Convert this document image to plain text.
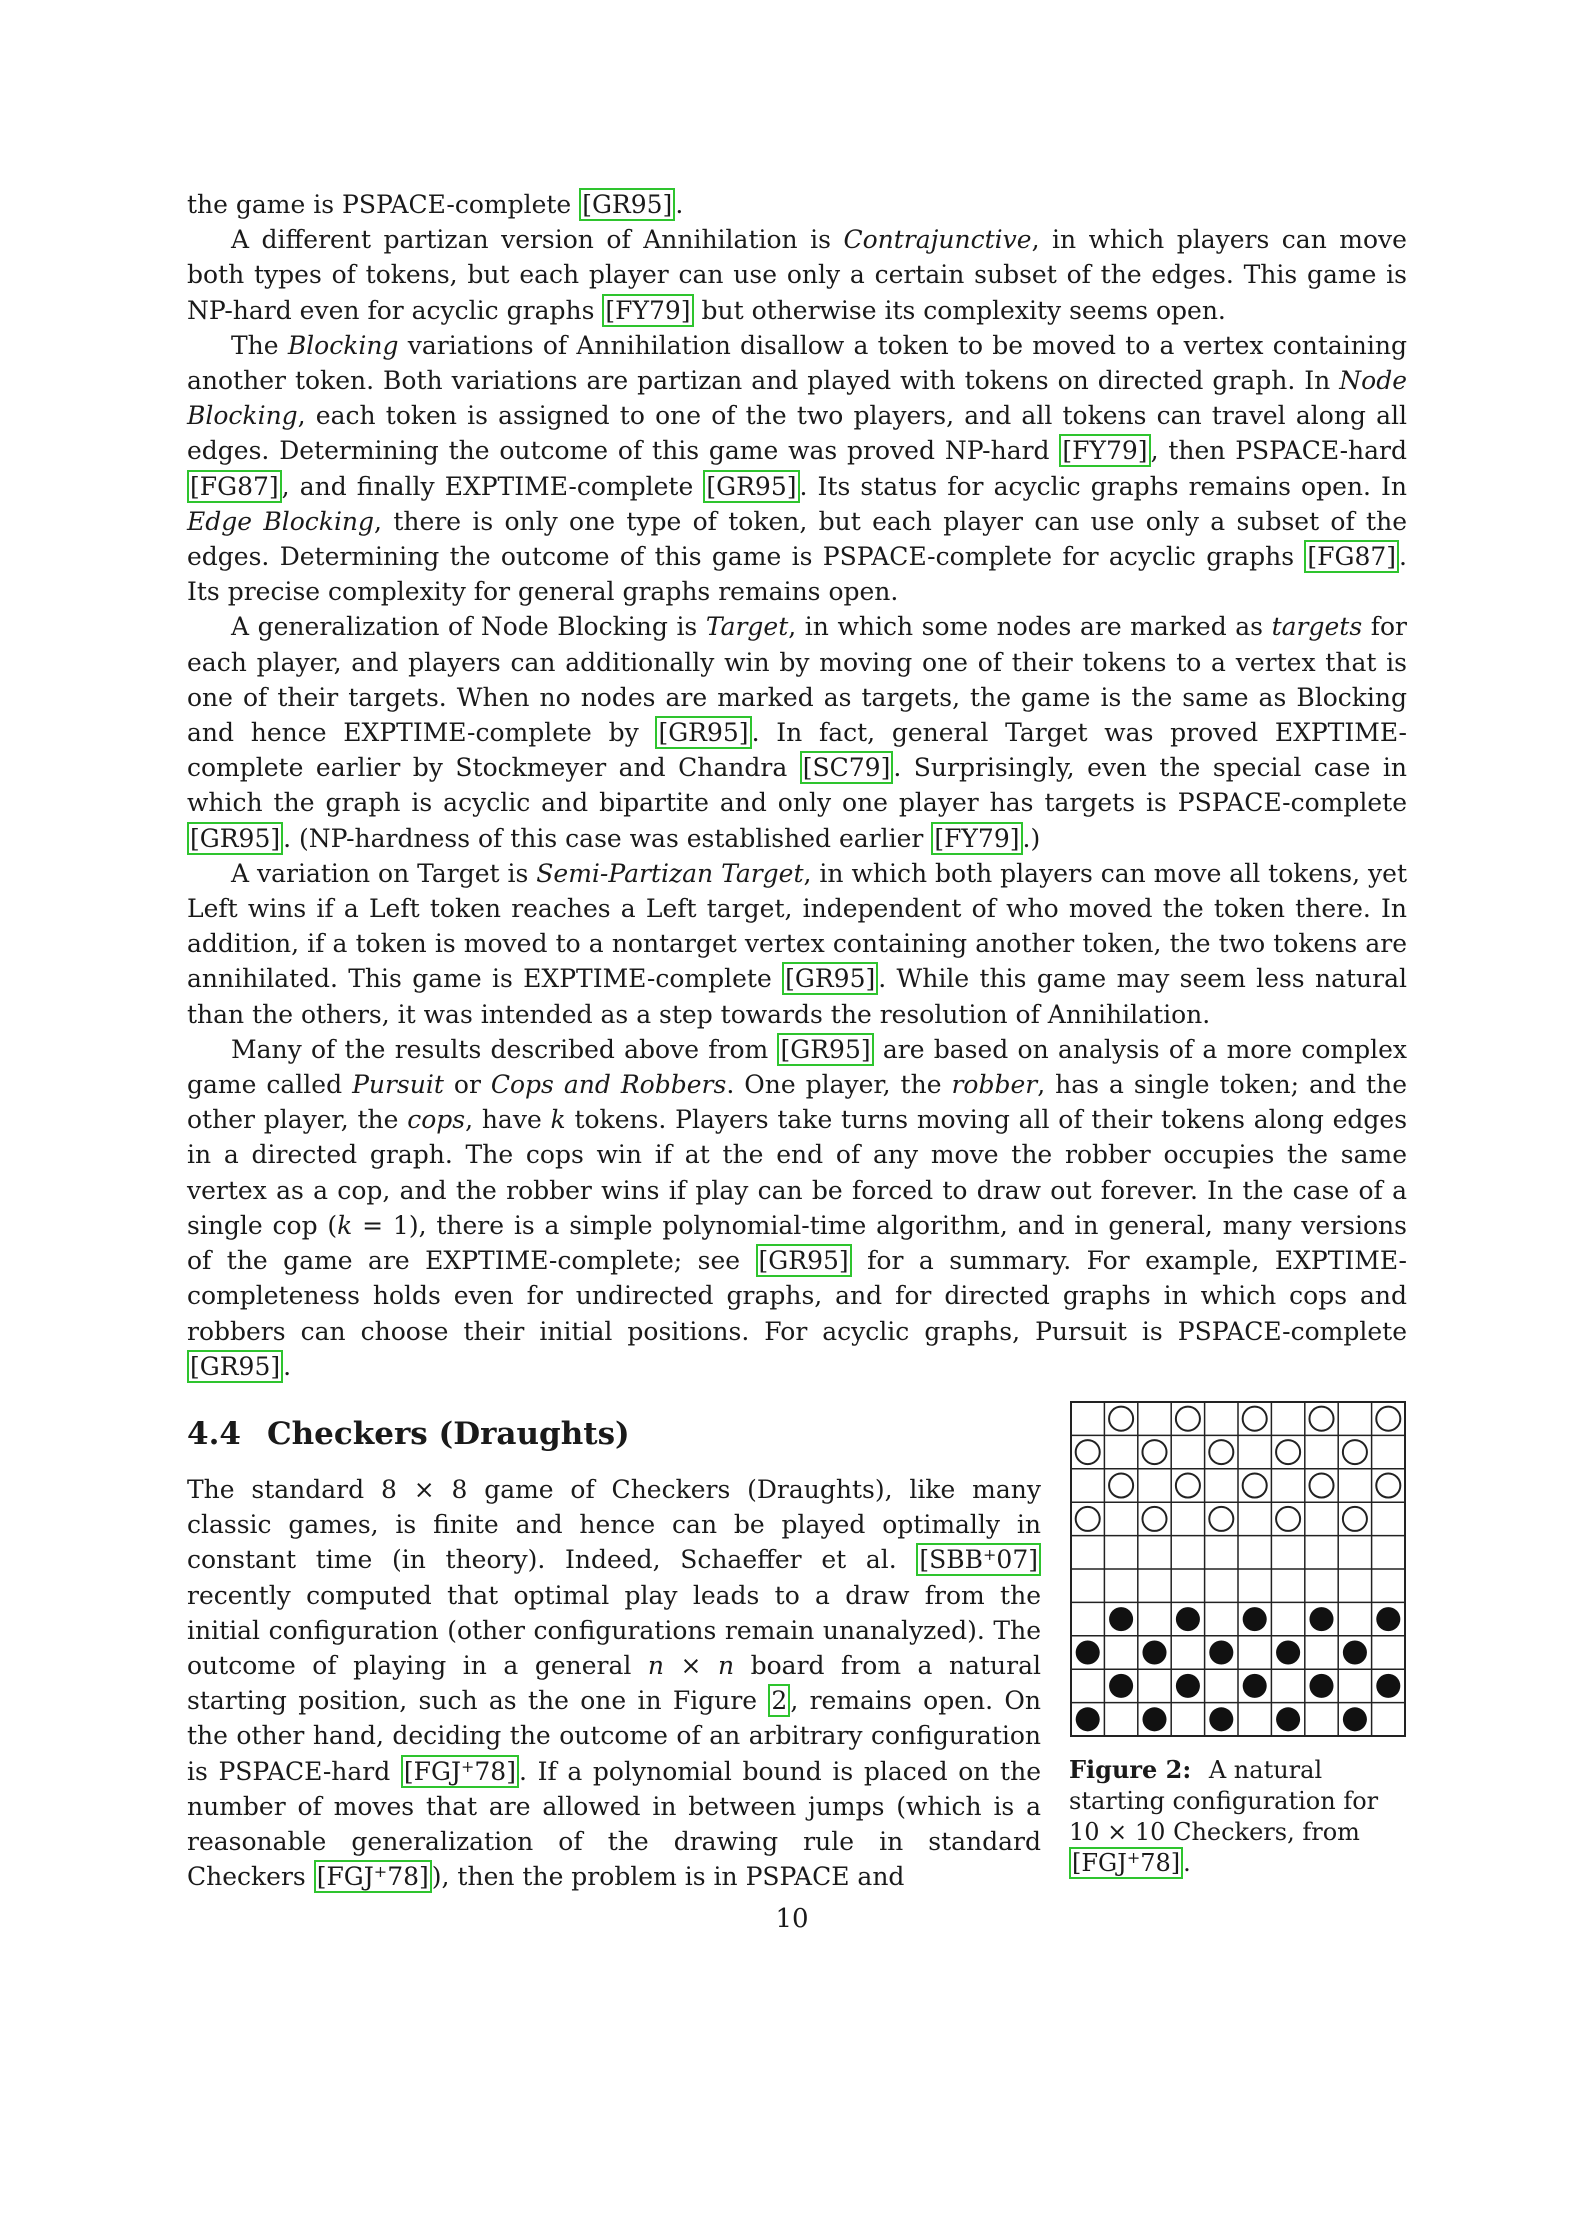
the game is PSPACE-complete [GR95] .

A different partizan version of Annihilation is Contrajunctive, in which players can move both types of tokens, but each player can use only a certain subset of the edges. This game is NP-hard even for acyclic graphs [FY79] but otherwise its complexity seems open.

The Blocking variations of Annihilation disallow a token to be moved to a vertex containing another token. Both variations are partizan and played with tokens on directed graph. In Node Blocking, each token is assigned to one of the two players, and all tokens can travel along all edges. Determining the outcome of this game was proved NP-hard [FY79] , then PSPACE-hard [FG87] , and finally EXPTIME-complete [GR95] . Its status for acyclic graphs remains open. In Edge Blocking, there is only one type of token, but each player can use only a subset of the edges. Determining the outcome of this game is PSPACE-complete for acyclic graphs [FG87] . Its precise complexity for general graphs remains open.

A generalization of Node Blocking is Target, in which some nodes are marked as targets for each player, and players can additionally win by moving one of their tokens to a vertex that is one of their targets. When no nodes are marked as targets, the game is the same as Blocking and hence EXPTIME-complete by [GR95] . In fact, general Target was proved EXPTIME-complete earlier by Stockmeyer and Chandra [SC79] . Surprisingly, even the special case in which the graph is acyclic and bipartite and only one player has targets is PSPACE-complete [GR95] . (NP-hardness of this case was established earlier [FY79] .)

A variation on Target is Semi-Partizan Target, in which both players can move all tokens, yet Left wins if a Left token reaches a Left target, independent of who moved the token there. In addition, if a token is moved to a nontarget vertex containing another token, the two tokens are annihilated. This game is EXPTIME-complete [GR95] . While this game may seem less natural than the others, it was intended as a step towards the resolution of Annihilation.

Many of the results described above from [GR95] are based on analysis of a more complex game called Pursuit or Cops and Robbers. One player, the robber, has a single token; and the other player, the cops, have k tokens. Players take turns moving all of their tokens along edges in a directed graph. The cops win if at the end of any move the robber occupies the same vertex as a cop, and the robber wins if play can be forced to draw out forever. In the case of a single cop (k = 1), there is a simple polynomial-time algorithm, and in general, many versions of the game are EXPTIME-complete; see [GR95] for a summary. For example, EXPTIME-completeness holds even for undirected graphs, and for directed graphs in which cops and robbers can choose their initial positions. For acyclic graphs, Pursuit is PSPACE-complete [GR95] .

4.4 Checkers (Draughts)

The standard 8 × 8 game of Checkers (Draughts), like many classic games, is finite and hence can be played optimally in constant time (in theory). Indeed, Schaeffer et al. [SBB+07] recently computed that optimal play leads to a draw from the initial configuration (other configurations remain unanalyzed). The outcome of playing in a general n × n board from a natural starting position, such as the one in Figure 2 , remains open. On the other hand, deciding the outcome of an arbitrary configuration is PSPACE-hard [FGJ+78] . If a polynomial bound is placed on the number of moves that are allowed in between jumps (which is a reasonable generalization of the drawing rule in standard Checkers [FGJ+78] ), then the problem is in PSPACE and

Figure 2: A natural starting configuration for 10 × 10 Checkers, from [FGJ+78] .
10
